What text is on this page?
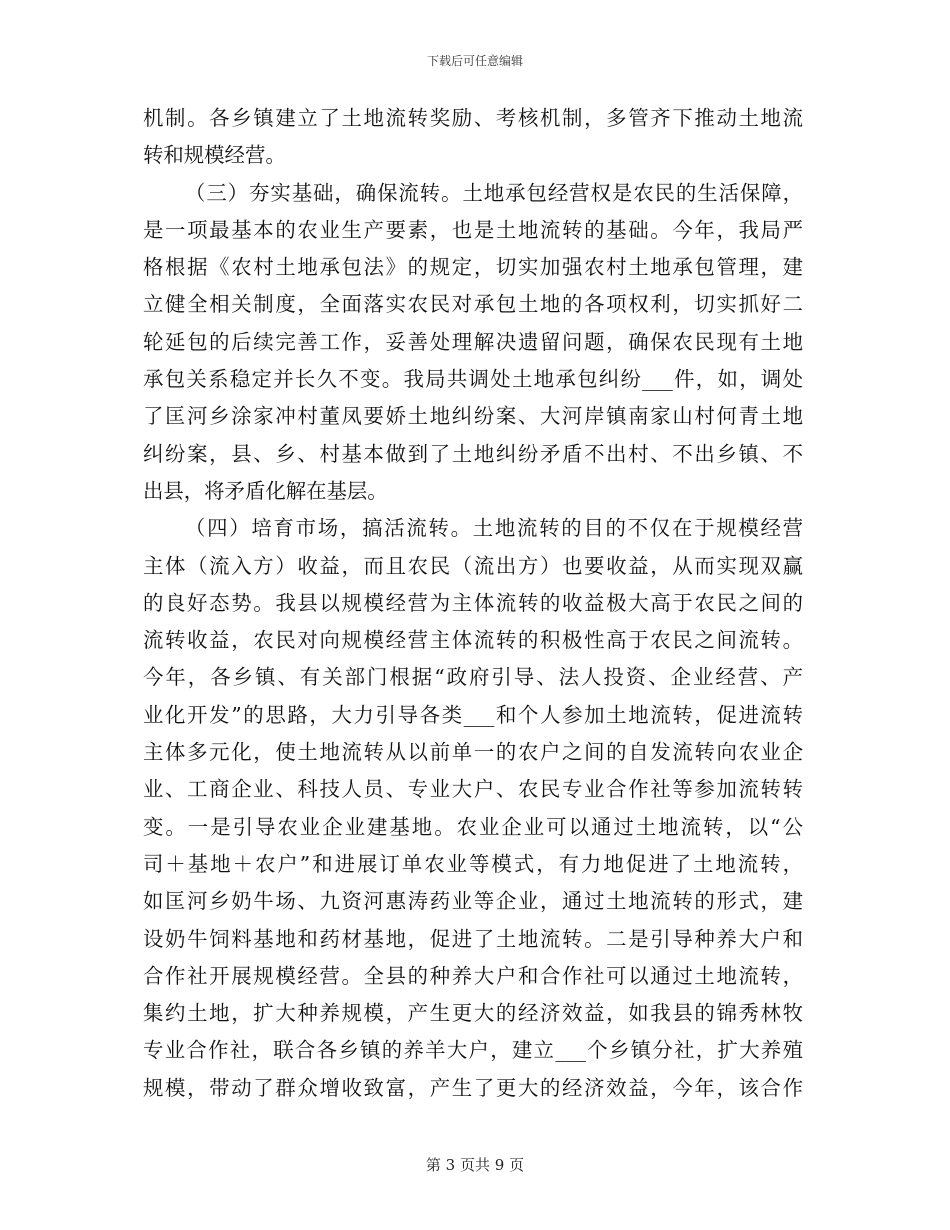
下载后可任意编辑
机制。各乡镇建立了土地流转奖励、考核机制，多管齐下推动土地流
转和规模经营。
（三）夯实基础，确保流转。土地承包经营权是农民的生活保障，
是一项最基本的农业生产要素，也是土地流转的基础。今年，我局严
格根据《农村土地承包法》的规定，切实加强农村土地承包管理，建
立健全相关制度，全面落实农民对承包土地的各项权利，切实抓好二
轮延包的后续完善工作，妥善处理解决遗留问题，确保农民现有土地
承包关系稳定并长久不变。我局共调处土地承包纠纷___件，如，调处
了匡河乡涂家冲村董凤要娇土地纠纷案、大河岸镇南家山村何青土地
纠纷案，县、乡、村基本做到了土地纠纷矛盾不出村、不出乡镇、不
出县，将矛盾化解在基层。
（四）培育市场，搞活流转。土地流转的目的不仅在于规模经营
主体（流入方）收益，而且农民（流出方）也要收益，从而实现双赢
的良好态势。我县以规模经营为主体流转的收益极大高于农民之间的
流转收益，农民对向规模经营主体流转的积极性高于农民之间流转。
今年，各乡镇、有关部门根据“政府引导、法人投资、企业经营、产
业化开发”的思路，大力引导各类___和个人参加土地流转，促进流转
主体多元化，使土地流转从以前单一的农户之间的自发流转向农业企
业、工商企业、科技人员、专业大户、农民专业合作社等参加流转转
变。一是引导农业企业建基地。农业企业可以通过土地流转，以“公
司＋基地＋农户”和进展订单农业等模式，有力地促进了土地流转，
如匡河乡奶牛场、九资河惠涛药业等企业，通过土地流转的形式，建
设奶牛饲料基地和药材基地，促进了土地流转。二是引导种养大户和
合作社开展规模经营。全县的种养大户和合作社可以通过土地流转，
集约土地，扩大种养规模，产生更大的经济效益，如我县的锦秀林牧
专业合作社，联合各乡镇的养羊大户，建立___个乡镇分社，扩大养殖
规模，带动了群众增收致富，产生了更大的经济效益，今年，该合作
第 3 页共 9 页
